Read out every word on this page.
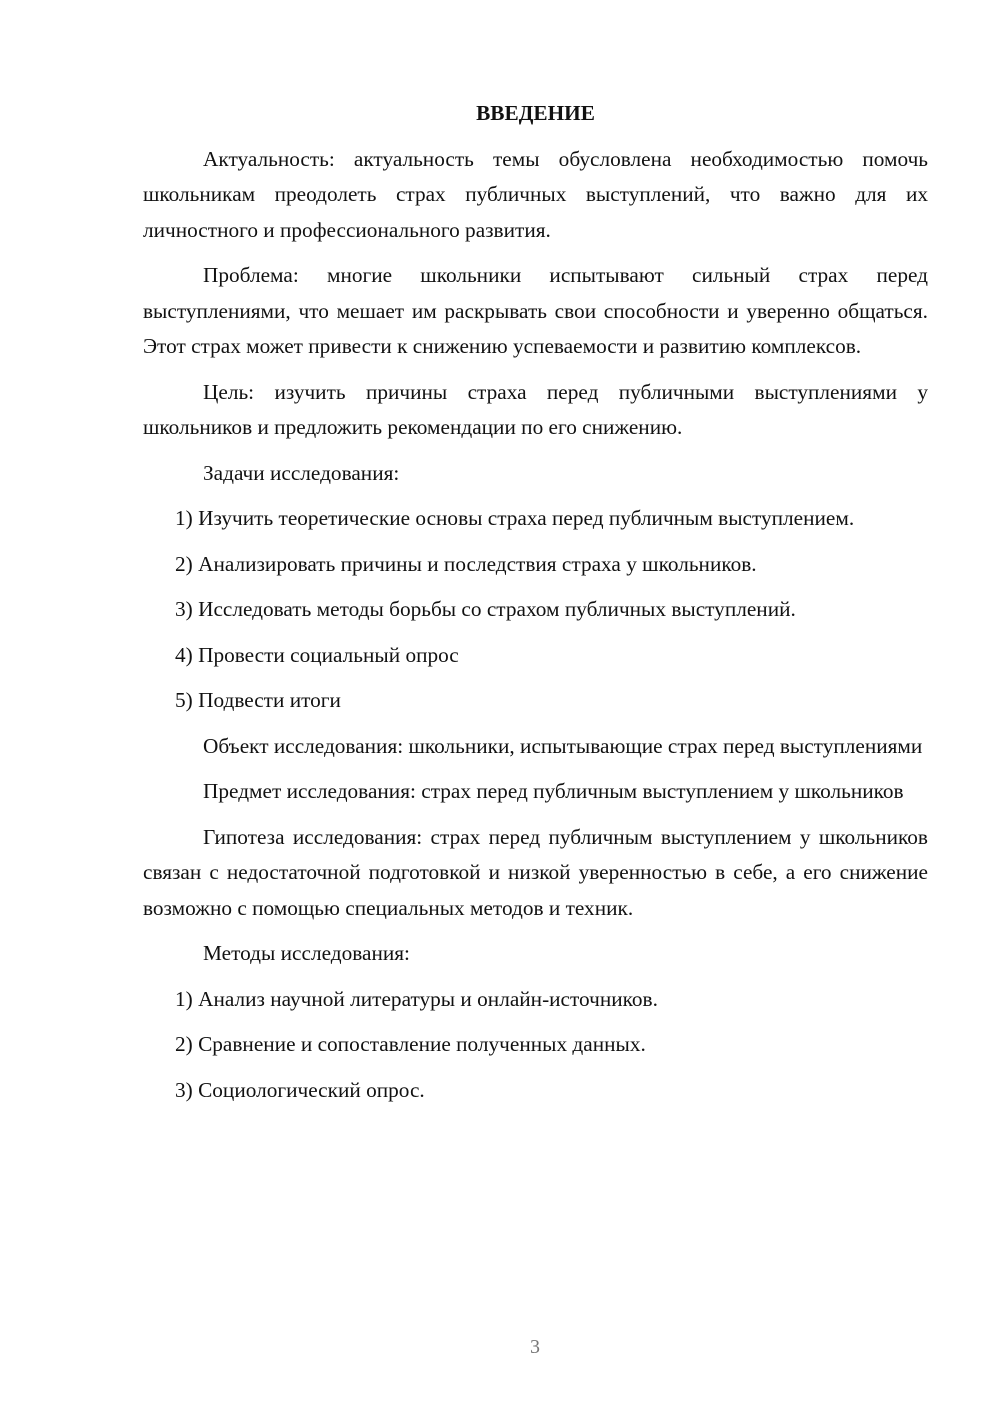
ВВЕДЕНИЕ

Актуальность: актуальность темы обусловлена необходимостью помочь школьникам преодолеть страх публичных выступлений, что важно для их личностного и профессионального развития.

Проблема: многие школьники испытывают сильный страх перед выступлениями, что мешает им раскрывать свои способности и уверенно общаться. Этот страх может привести к снижению успеваемости и развитию комплексов.

Цель: изучить причины страха перед публичными выступлениями у школьников и предложить рекомендации по его снижению.

Задачи исследования:

1) Изучить теоретические основы страха перед публичным выступлением.

2) Анализировать причины и последствия страха у школьников.

3) Исследовать методы борьбы со страхом публичных выступлений.

4) Провести социальный опрос

5) Подвести итоги

Объект исследования: школьники, испытывающие страх перед выступлениями

Предмет исследования: страх перед публичным выступлением у школьников

Гипотеза исследования: страх перед публичным выступлением у школьников связан с недостаточной подготовкой и низкой уверенностью в себе, а его снижение возможно с помощью специальных методов и техник.

Методы исследования:

1) Анализ научной литературы и онлайн-источников.

2) Сравнение и сопоставление полученных данных.

3) Социологический опрос.

3
